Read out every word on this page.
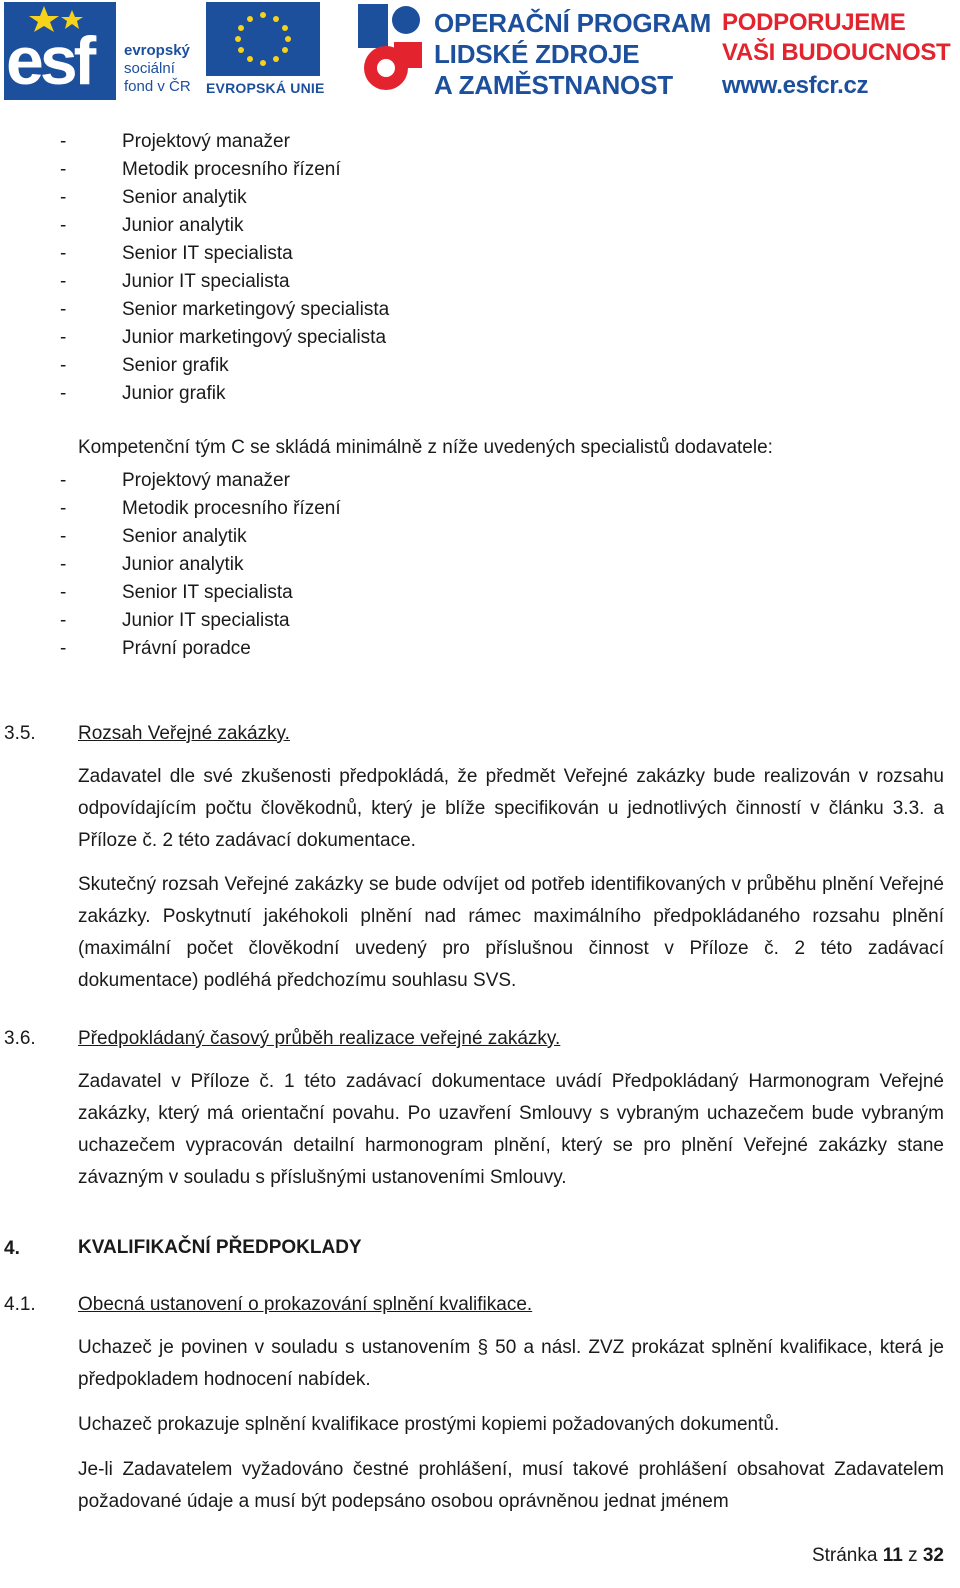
esf evropský
sociální
fond v ČR EVROPSKÁ UNIE
OPERAČNÍ PROGRAM
LIDSKÉ ZDROJE
A ZAMĚSTNANOST
PODPORUJEME
VAŠI BUDOUCNOST
www.esfcr.cz
-	Projektový manažer
-	Metodik procesního řízení
-	Senior analytik
-	Junior analytik
-	Senior IT specialista
-	Junior IT specialista
-	Senior marketingový specialista
-	Junior marketingový specialista
-	Senior grafik
-	Junior grafik
Kompetenční tým C se skládá minimálně z níže uvedených specialistů dodavatele:
-	Projektový manažer
-	Metodik procesního řízení
-	Senior analytik
-	Junior analytik
-	Senior IT specialista
-	Junior IT specialista
-	Právní poradce
3.5. Rozsah Veřejné zakázky.
Zadavatel dle své zkušenosti předpokládá, že předmět Veřejné zakázky bude realizován v rozsahu odpovídajícím počtu člověkodnů, který je blíže specifikován u jednotlivých činností v článku 3.3. a Příloze č. 2 této zadávací dokumentace.
Skutečný rozsah Veřejné zakázky se bude odvíjet od potřeb identifikovaných v průběhu plnění Veřejné zakázky. Poskytnutí jakéhokoli plnění nad rámec maximálního předpokládaného rozsahu plnění (maximální počet člověkodní uvedený pro příslušnou činnost v Příloze č. 2 této zadávací dokumentace) podléhá předchozímu souhlasu SVS.
3.6. Předpokládaný časový průběh realizace veřejné zakázky.
Zadavatel v Příloze č. 1 této zadávací dokumentace uvádí Předpokládaný Harmonogram Veřejné zakázky, který má orientační povahu. Po uzavření Smlouvy s vybraným uchazečem bude vybraným uchazečem vypracován detailní harmonogram plnění, který se pro plnění Veřejné zakázky stane závazným v souladu s příslušnými ustanoveními Smlouvy.
4.	KVALIFIKAČNÍ PŘEDPOKLADY
4.1. Obecná ustanovení o prokazování splnění kvalifikace.
Uchazeč je povinen v souladu s ustanovením § 50 a násl. ZVZ prokázat splnění kvalifikace, která je předpokladem hodnocení nabídek.
Uchazeč prokazuje splnění kvalifikace prostými kopiemi požadovaných dokumentů.
Je-li Zadavatelem vyžadováno čestné prohlášení, musí takové prohlášení obsahovat Zadavatelem požadované údaje a musí být podepsáno osobou oprávněnou jednat jménem
Stránka 11 z 32
